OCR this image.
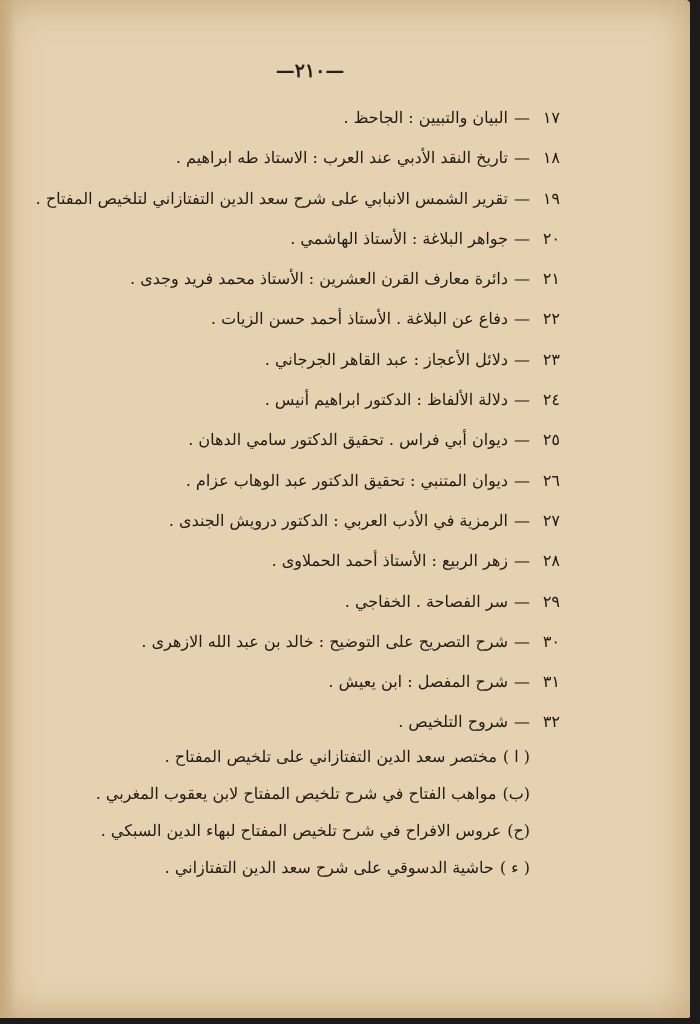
—٢١٠—
١٧—البيان والتبيين : الجاحظ .
١٨—تاريخ النقد الأدبي عند العرب : الاستاذ طه ابراهيم .
١٩—تقرير الشمس الانبابي على شرح سعد الدين التفتازاني لتلخيص المفتاح .
٢٠—جواهر البلاغة : الأستاذ الهاشمي .
٢١—دائرة معارف القرن العشرين : الأستاذ محمد فريد وجدى .
٢٢—دفاع عن البلاغة . الأستاذ أحمد حسن الزيات .
٢٣—دلائل الأعجاز : عبد القاهر الجرجاني .
٢٤—دلالة الألفاظ : الدكتور ابراهيم أنيس .
٢٥—ديوان أبي فراس . تحقيق الدكتور سامي الدهان .
٢٦—ديوان المتنبي : تحقيق الدكتور عبد الوهاب عزام .
٢٧—الرمزية في الأدب العربي : الدكتور درويش الجندى .
٢٨—زهر الربيع : الأستاذ أحمد الحملاوى .
٢٩—سر الفصاحة . الخفاجي .
٣٠—شرح التصريح على التوضيح : خالد بن عبد الله الازهرى .
٣١—شرح المفصل : ابن يعيش .
٣٢—شروح التلخيص .
( ا )مختصر سعد الدين التفتازاني على تلخيص المفتاح .
(ب)مواهب الفتاح في شرح تلخيص المفتاح لابن يعقوب المغربي .
(ح)عروس الافراح في شرح تلخيص المفتاح لبهاء الدين السبكي .
( ء )حاشية الدسوقي على شرح سعد الدين التفتازاني .
